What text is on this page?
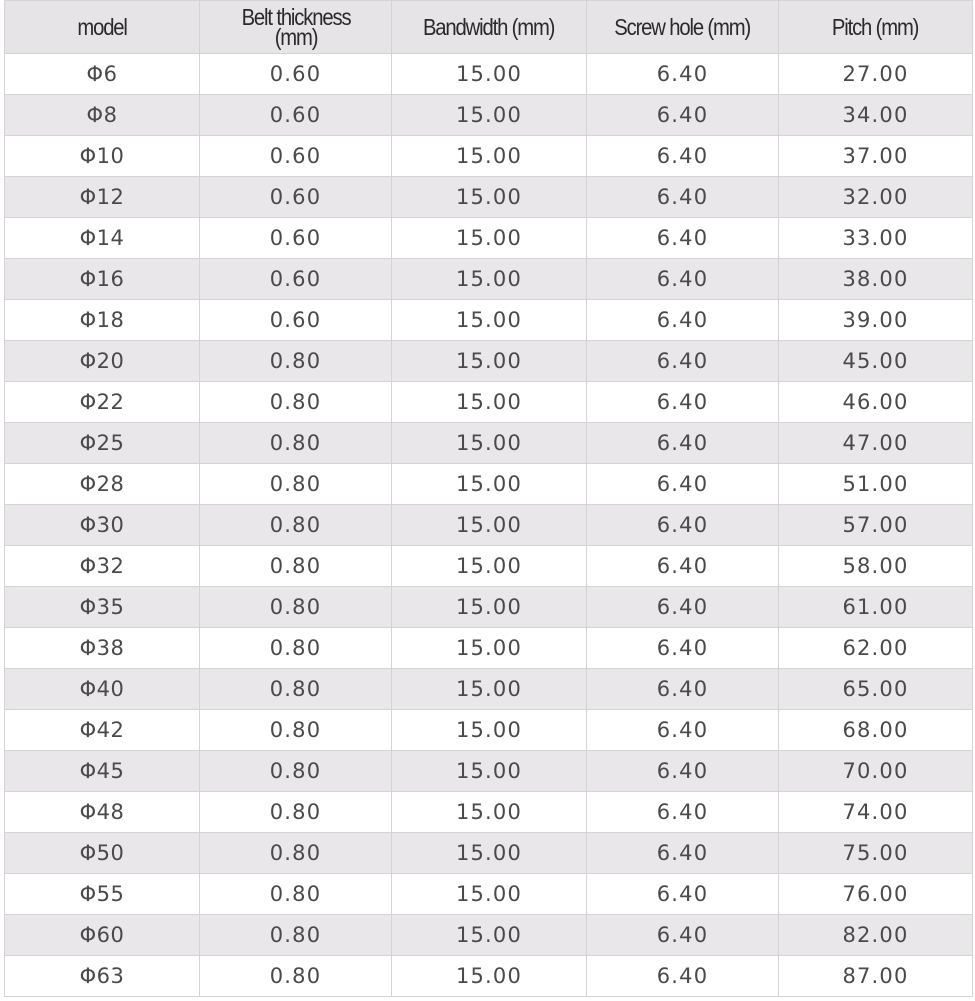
model	Belt thickness (mm)	Bandwidth (mm)	Screw hole (mm)	Pitch (mm)
Φ6	0.60	15.00	6.40	27.00
Φ8	0.60	15.00	6.40	34.00
Φ10	0.60	15.00	6.40	37.00
Φ12	0.60	15.00	6.40	32.00
Φ14	0.60	15.00	6.40	33.00
Φ16	0.60	15.00	6.40	38.00
Φ18	0.60	15.00	6.40	39.00
Φ20	0.80	15.00	6.40	45.00
Φ22	0.80	15.00	6.40	46.00
Φ25	0.80	15.00	6.40	47.00
Φ28	0.80	15.00	6.40	51.00
Φ30	0.80	15.00	6.40	57.00
Φ32	0.80	15.00	6.40	58.00
Φ35	0.80	15.00	6.40	61.00
Φ38	0.80	15.00	6.40	62.00
Φ40	0.80	15.00	6.40	65.00
Φ42	0.80	15.00	6.40	68.00
Φ45	0.80	15.00	6.40	70.00
Φ48	0.80	15.00	6.40	74.00
Φ50	0.80	15.00	6.40	75.00
Φ55	0.80	15.00	6.40	76.00
Φ60	0.80	15.00	6.40	82.00
Φ63	0.80	15.00	6.40	87.00
